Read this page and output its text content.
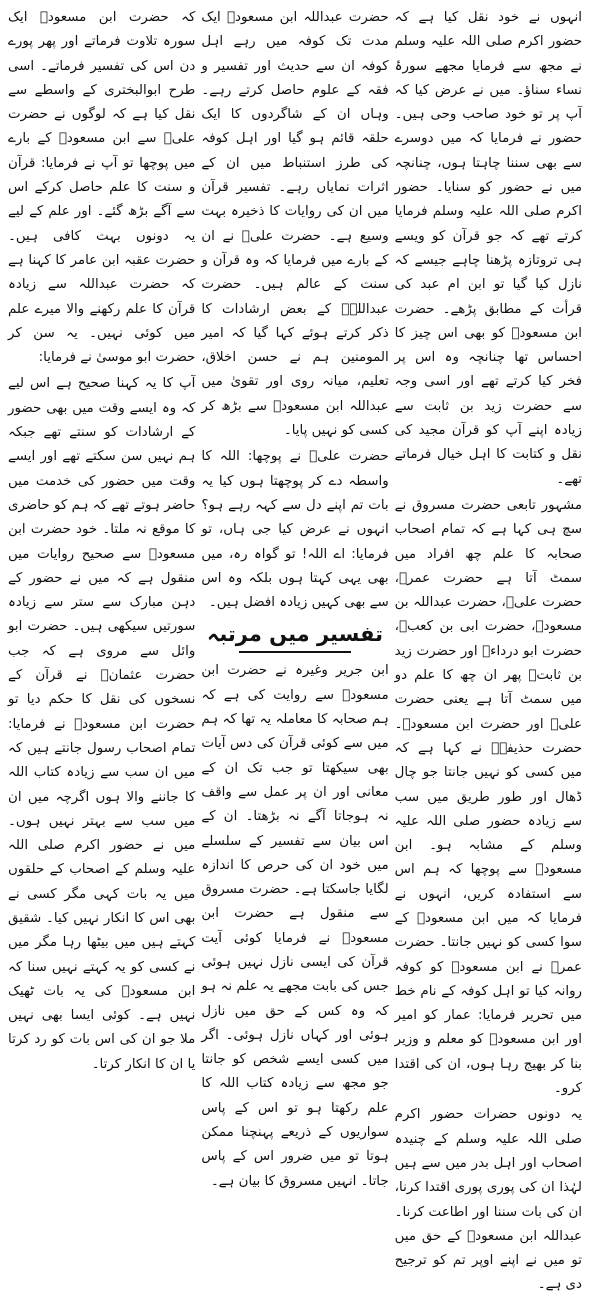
انہوں نے خود نقل کیا ہے کہ حضور اکرم صلی اللہ علیہ وسلم نے مجھ سے فرمایا مجھے سورۂ نساء سناؤ۔ میں نے عرض کیا کہ آپ پر تو خود صاحب وحی ہیں۔ حضور نے فرمایا کہ میں دوسرے سے بھی سننا چاہتا ہوں، چنانچہ میں نے حضور کو سنایا۔ حضور اکرم صلی اللہ علیہ وسلم فرمایا کرتے تھے کہ جو قرآن کو ویسے ہی تروتازہ پڑھنا چاہے جیسے کہ نازل کیا گیا تو ابن ام عبد کی قرأت کے مطابق پڑھے۔ حضرت ابن مسعودؓ کو بھی اس چیز کا احساس تھا چنانچہ وہ اس پر فخر کیا کرتے تھے اور اسی وجہ سے حضرت زید بن ثابت سے زیادہ اپنے آپ کو قرآن مجید کی نقل و کتابت کا اہل خیال فرماتے تھے۔

مشہور تابعی حضرت مسروق نے سچ ہی کہا ہے کہ تمام اصحاب صحابہ کا علم چھ افراد میں سمٹ آتا ہے حضرت عمرؓ، حضرت علیؓ، حضرت عبداللہ بن مسعودؓ، حضرت ابی بن کعبؓ، حضرت ابو درداءؓ اور حضرت زید بن ثابتؓ پھر ان چھ کا علم دو میں سمٹ آتا ہے یعنی حضرت علیؓ اور حضرت ابن مسعودؓ۔ حضرت حذیفہؓ نے کہا ہے کہ میں کسی کو نہیں جانتا جو چال ڈھال اور طور طریق میں سب سے زیادہ حضور صلی اللہ علیہ وسلم کے مشابہ ہو۔ ابن مسعودؓ سے پوچھا کہ ہم اس سے استفادہ کریں، انہوں نے فرمایا کہ میں ابن مسعودؓ کے سوا کسی کو نہیں جانتا۔ حضرت عمرؓ نے ابن مسعودؓ کو کوفہ روانہ کیا تو اہل کوفہ کے نام خط میں تحریر فرمایا: عمار کو امیر اور ابن مسعودؓ کو معلم و وزیر بنا کر بھیج رہا ہوں، ان کی اقتدا کرو۔

یہ دونوں حضرات حضور اکرم صلی اللہ علیہ وسلم کے چنیدہ اصحاب اور اہل بدر میں سے ہیں لہٰذا ان کی پوری پوری اقتدا کرنا، ان کی بات سننا اور اطاعت کرنا۔ عبداللہ ابن مسعودؓ کے حق میں تو میں نے اپنے اوپر تم کو ترجیح دی ہے۔

حضرت عبداللہ ابن مسعودؓ ایک مدت تک کوفہ میں رہے اہل کوفہ ان سے حدیث اور تفسیر و فقہ کے علوم حاصل کرتے رہے۔ وہاں ان کے شاگردوں کا ایک حلقہ قائم ہو گیا اور اہل کوفہ کی طرز استنباط میں ان کے اثرات نمایاں رہے۔ تفسیر قرآن میں ان کی روایات کا ذخیرہ بہت وسیع ہے۔ حضرت علیؓ نے ان کے بارے میں فرمایا کہ وہ قرآن و سنت کے عالم ہیں۔ حضرت عبداللہؓ کے بعض ارشادات کا ذکر کرتے ہوئے کہا گیا کہ امیر المومنین ہم نے حسن اخلاق، تعلیم، میانہ روی اور تقویٰ میں عبداللہ ابن مسعودؓ سے بڑھ کر کسی کو نہیں پایا۔

حضرت علیؓ نے پوچھا: اللہ کا واسطہ دے کر پوچھتا ہوں کیا یہ بات تم اپنے دل سے کہہ رہے ہو؟ انہوں نے عرض کیا جی ہاں، تو فرمایا: اے اللہ! تو گواہ رہ، میں بھی یہی کہتا ہوں بلکہ وہ اس سے بھی کہیں زیادہ افضل ہیں۔

تفسیر میں مرتبہ

ابن جریر وغیرہ نے حضرت ابن مسعودؓ سے روایت کی ہے کہ ہم صحابہ کا معاملہ یہ تھا کہ ہم میں سے کوئی قرآن کی دس آیات بھی سیکھتا تو جب تک ان کے معانی اور ان پر عمل سے واقف نہ ہوجاتا آگے نہ بڑھتا۔ ان کے اس بیان سے تفسیر کے سلسلے میں خود ان کی حرص کا اندازہ لگایا جاسکتا ہے۔ حضرت مسروق سے منقول ہے حضرت ابن مسعودؓ نے فرمایا کوئی آیت قرآن کی ایسی نازل نہیں ہوئی جس کی بابت مجھے یہ علم نہ ہو کہ وہ کس کے حق میں نازل ہوئی اور کہاں نازل ہوئی۔ اگر میں کسی ایسے شخص کو جانتا جو مجھ سے زیادہ کتاب اللہ کا علم رکھتا ہو تو اس کے پاس سواریوں کے ذریعے پہنچنا ممکن ہوتا تو میں ضرور اس کے پاس جاتا۔ انہیں مسروق کا بیان ہے۔

کہ حضرت ابن مسعودؓ ایک سورہ تلاوت فرماتے اور پھر پورے دن اس کی تفسیر فرماتے۔ اسی طرح ابوالبختری کے واسطے سے نقل کیا ہے کہ لوگوں نے حضرت علیؓ سے ابن مسعودؓ کے بارے میں پوچھا تو آپ نے فرمایا: قرآن و سنت کا علم حاصل کرکے اس سے آگے بڑھ گئے۔ اور علم کے لیے یہ دونوں بہت کافی ہیں۔ حضرت عقبہ ابن عامر کا کہنا ہے کہ حضرت عبداللہ سے زیادہ قرآن کا علم رکھنے والا میرے علم میں کوئی نہیں۔ یہ سن کر حضرت ابو موسیٰ نے فرمایا:

آپ کا یہ کہنا صحیح ہے اس لیے کہ وہ ایسے وقت میں بھی حضور کے ارشادات کو سنتے تھے جبکہ ہم نہیں سن سکتے تھے اور ایسے وقت میں حضور کی خدمت میں حاضر ہوتے تھے کہ ہم کو حاضری کا موقع نہ ملتا۔ خود حضرت ابن مسعودؓ سے صحیح روایات میں منقول ہے کہ میں نے حضور کے دہن مبارک سے ستر سے زیادہ سورتیں سیکھی ہیں۔ حضرت ابو وائل سے مروی ہے کہ جب حضرت عثمانؓ نے قرآن کے نسخوں کی نقل کا حکم دیا تو حضرت ابن مسعودؓ نے فرمایا: تمام اصحاب رسول جانتے ہیں کہ میں ان سب سے زیادہ کتاب اللہ کا جاننے والا ہوں اگرچہ میں ان میں سب سے بہتر نہیں ہوں۔ میں نے حضور اکرم صلی اللہ علیہ وسلم کے اصحاب کے حلقوں میں یہ بات کہی مگر کسی نے بھی اس کا انکار نہیں کیا۔ شقیق کہتے ہیں میں بیٹھا رہا مگر میں نے کسی کو یہ کہتے نہیں سنا کہ ابن مسعودؓ کی یہ بات ٹھیک نہیں ہے۔ کوئی ایسا بھی نہیں ملا جو ان کی اس بات کو رد کرتا یا ان کا انکار کرتا۔
